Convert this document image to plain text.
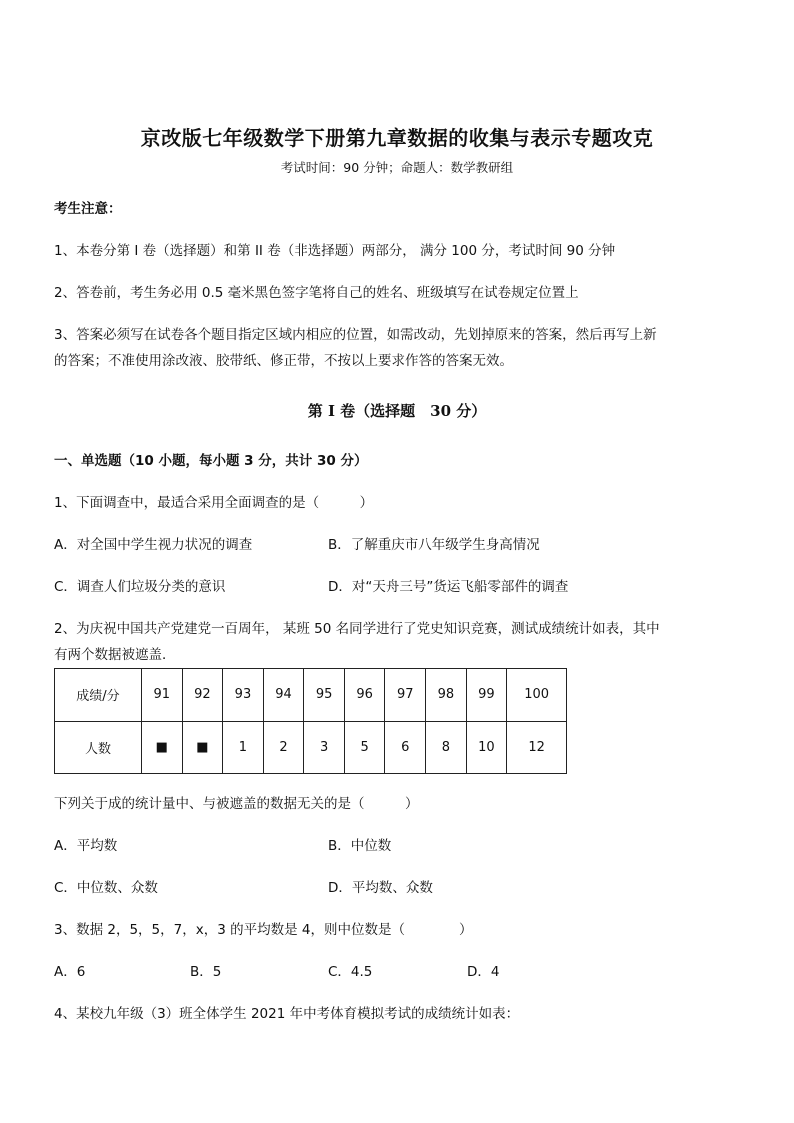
京改版七年级数学下册第九章数据的收集与表示专题攻克
考试时间：90 分钟；命题人：数学教研组
考生注意：
1、本卷分第 I 卷（选择题）和第 II 卷（非选择题）两部分， 满分 100 分，考试时间 90 分钟
2、答卷前，考生务必用 0.5 毫米黑色签字笔将自己的姓名、班级填写在试卷规定位置上
3、答案必须写在试卷各个题目指定区域内相应的位置，如需改动，先划掉原来的答案，然后再写上新
的答案；不准使用涂改液、胶带纸、修正带，不按以上要求作答的答案无效。
第 I 卷（选择题　30 分）
一、单选题（10 小题，每小题 3 分，共计 30 分）
1、下面调查中，最适合采用全面调查的是（　　　）
A．对全国中学生视力状况的调查	B．了解重庆市八年级学生身高情况
C．调查人们垃圾分类的意识	D．对“天舟三号”货运飞船零部件的调查
2、为庆祝中国共产党建党一百周年， 某班 50 名同学进行了党史知识竞赛，测试成绩统计如表，其中
有两个数据被遮盖．
成绩/分	91	92	93	94	95	96	97	98	99	100
人数	■	■	1	2	3	5	6	8	10	12
下列关于成的统计量中、与被遮盖的数据无关的是（　　　）
A．平均数	B．中位数
C．中位数、众数	D．平均数、众数
3、数据 2，5，5，7，x，3 的平均数是 4，则中位数是（　　　　）
A．6	B．5	C．4.5	D．4
4、某校九年级（3）班全体学生 2021 年中考体育模拟考试的成绩统计如表：
